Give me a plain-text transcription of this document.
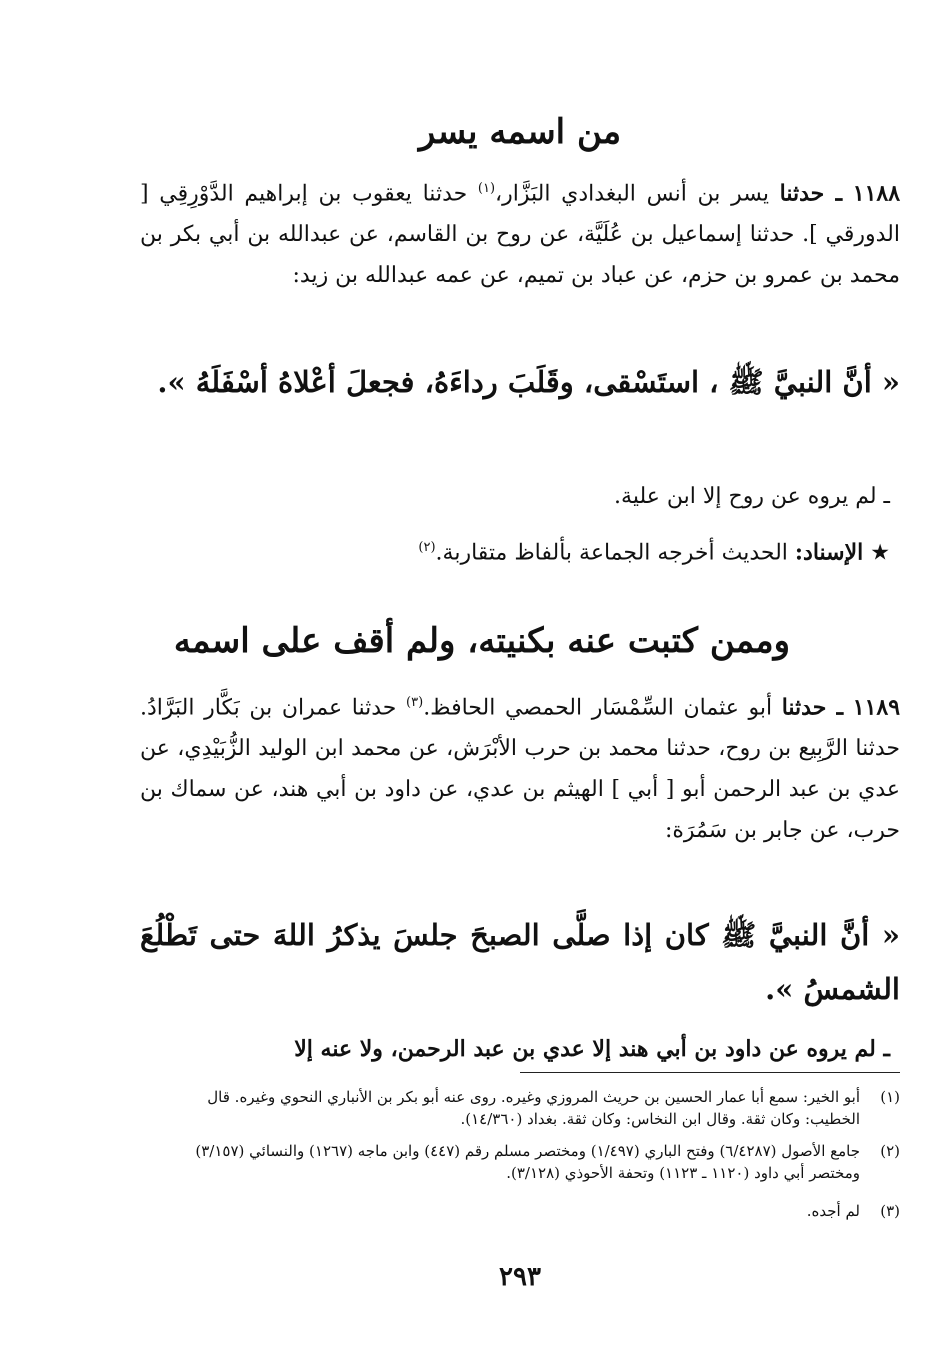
من اسمه يسر
١١٨٨ ـ حدثنا يسر بن أنس البغدادي البَزَّار،$^{(١)}$ حدثنا يعقوب بن إبراهيم الدَّوْرِقِي [ الدورقي ]. حدثنا إسماعيل بن عُلَيَّة، عن روح بن القاسم، عن عبدالله بن أبي بكر بن محمد بن عمرو بن حزم، عن عباد بن تميم، عن عمه عبدالله بن زيد:
« أنَّ النبيَّ ﷺ ، استَسْقى، وقَلَبَ رداءَهُ، فجعلَ أعْلاهُ أسْفَلَهُ ».
ـ لم يروه عن روح إلا ابن علية.
★ الإسناد: الحديث أخرجه الجماعة بألفاظ متقاربة.$^{(٢)}$
وممن كتبت عنه بكنيته، ولم أقف على اسمه
١١٨٩ ـ حدثنا أبو عثمان السِّمْسَار الحمصي الحافظ.$^{(٣)}$ حدثنا عمران بن بَكَّار البَرَّادُ. حدثنا الرَّبِيع بن روح، حدثنا محمد بن حرب الأبْرَش، عن محمد ابن الوليد الزُّبَيْدِي، عن عدي بن عبد الرحمن أبو [ أبي ] الهيثم بن عدي، عن داود بن أبي هند، عن سماك بن حرب، عن جابر بن سَمُرَة:
« أنَّ النبيَّ ﷺ كان إذا صلَّى الصبحَ جلسَ يذكرُ اللهَ حتى تَطْلُعَ الشمسُ ».
ـ لم يروه عن داود بن أبي هند إلا عدي بن عبد الرحمن، ولا عنه إلا
(١)أبو الخير: سمع أبا عمار الحسين بن حريث المروزي وغيره. روى عنه أبو بكر بن الأنباري النحوي وغيره. قال الخطيب: وكان ثقة. وقال ابن النخاس: وكان ثقة. بغداد (١٤/٣٦٠).
(٢)جامع الأصول (٦/٤٢٨٧) وفتح الباري (١/٤٩٧) ومختصر مسلم رقم (٤٤٧) وابن ماجه (١٢٦٧) والنسائي (٣/١٥٧) ومختصر أبي داود (١١٢٠ ـ ١١٢٣) وتحفة الأحوذي (٣/١٢٨).
(٣)لم أجده.
٢٩٣
